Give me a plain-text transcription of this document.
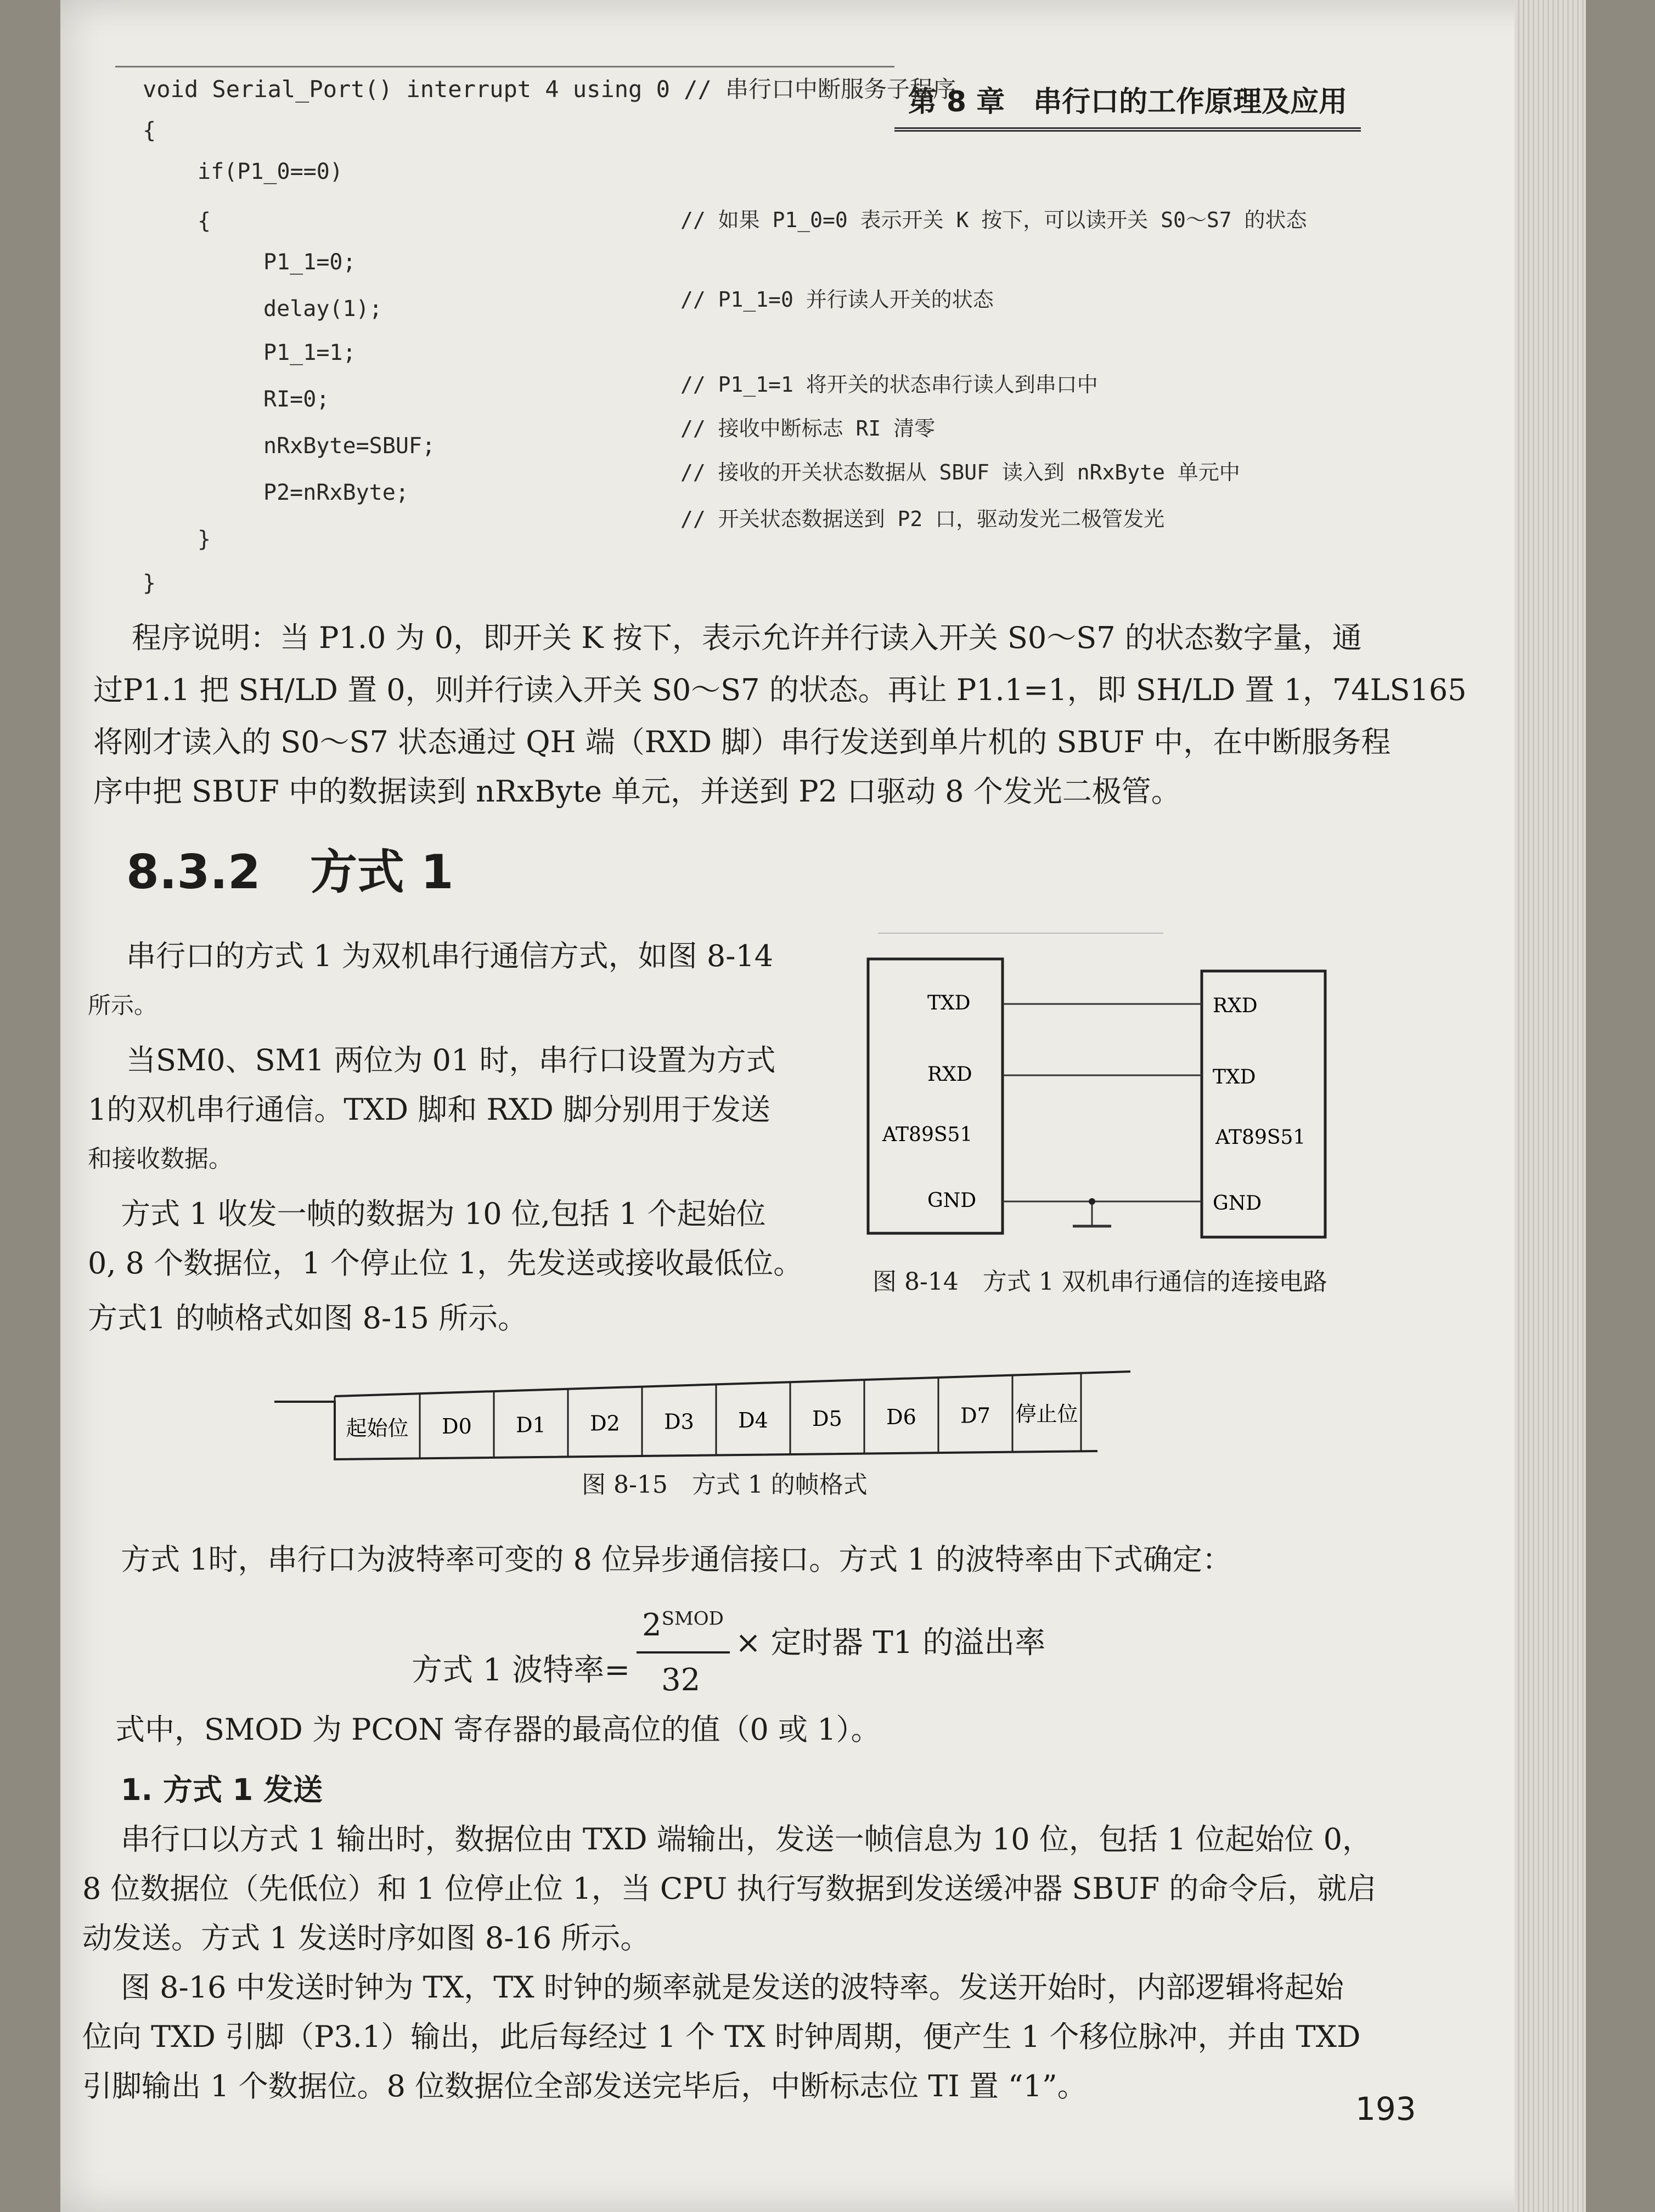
第 8 章　串行口的工作原理及应用
void Serial_Port() interrupt 4 using 0 // 串行口中断服务子程序
{
if(P1_0==0)
{
P1_1=0;
delay(1);
P1_1=1;
RI=0;
nRxByte=SBUF;
P2=nRxByte;
}
}
// 如果 P1_0=0 表示开关 K 按下，可以读开关 S0～S7 的状态
// P1_1=0 并行读人开关的状态
// P1_1=1 将开关的状态串行读人到串口中
// 接收中断标志 RI 清零
// 接收的开关状态数据从 SBUF 读入到 nRxByte 单元中
// 开关状态数据送到 P2 口，驱动发光二极管发光
程序说明：当 P1.0 为 0，即开关 K 按下，表示允许并行读入开关 S0～S7 的状态数字量，通
过P1.1 把 SH/LD 置 0，则并行读入开关 S0～S7 的状态。再让 P1.1=1，即 SH/LD 置 1，74LS165
将刚才读入的 S0～S7 状态通过 QH 端（RXD 脚）串行发送到单片机的 SBUF 中，在中断服务程
序中把 SBUF 中的数据读到 nRxByte 单元，并送到 P2 口驱动 8 个发光二极管。
8.3.2 方式 1
串行口的方式 1 为双机串行通信方式，如图 8-14
所示。
当SM0、SM1 两位为 01 时，串行口设置为方式
1的双机串行通信。TXD 脚和 RXD 脚分别用于发送
和接收数据。
方式 1 收发一帧的数据为 10 位,包括 1 个起始位
0, 8 个数据位，1 个停止位 1，先发送或接收最低位。
方式1 的帧格式如图 8-15 所示。
TXD
RXD
AT89S51
GND
RXD
TXD
AT89S51
GND
图 8-14　方式 1 双机串行通信的连接电路
起始位 D0 D1 D2 D3 D4 D5 D6 D7 停止位
图 8-15　方式 1 的帧格式
方式 1时，串行口为波特率可变的 8 位异步通信接口。方式 1 的波特率由下式确定：
方式 1 波特率=
$2^{SMOD}$
32
× 定时器 T1 的溢出率
式中，SMOD 为 PCON 寄存器的最高位的值（0 或 1）。
1. 方式 1 发送
串行口以方式 1 输出时，数据位由 TXD 端输出，发送一帧信息为 10 位，包括 1 位起始位 0，
8 位数据位（先低位）和 1 位停止位 1，当 CPU 执行写数据到发送缓冲器 SBUF 的命令后，就启
动发送。方式 1 发送时序如图 8-16 所示。
图 8-16 中发送时钟为 TX，TX 时钟的频率就是发送的波特率。发送开始时，内部逻辑将起始
位向 TXD 引脚（P3.1）输出，此后每经过 1 个 TX 时钟周期，便产生 1 个移位脉冲，并由 TXD
引脚输出 1 个数据位。8 位数据位全部发送完毕后，中断标志位 TI 置 “1”。
193
